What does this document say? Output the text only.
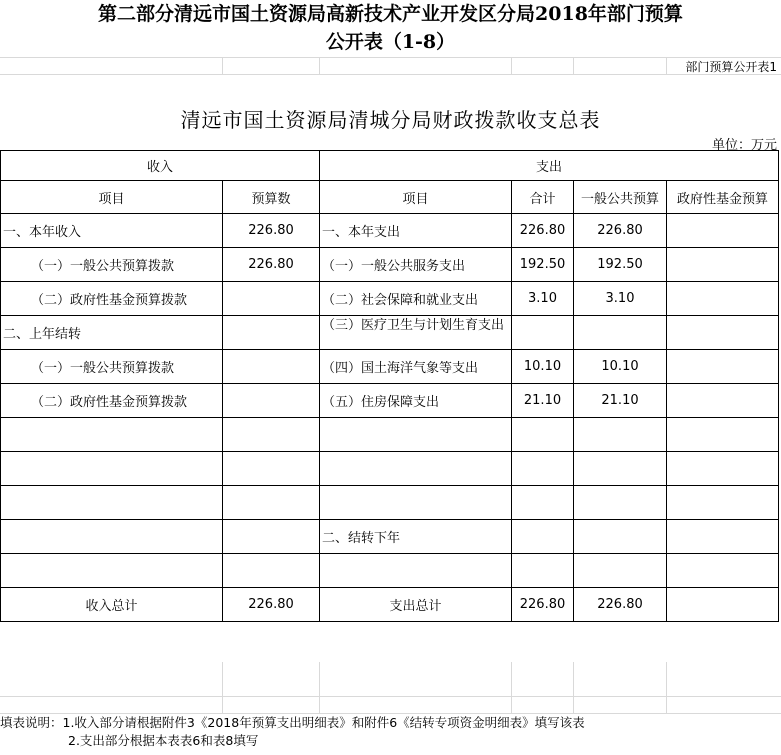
第二部分清远市国土资源局高新技术产业开发区分局2018年部门预算
公开表（1-8）
部门预算公开表1
清远市国土资源局清城分局财政拨款收支总表
单位：万元
收入		支出			
项目	预算数	项目	合计	一般公共预算	政府性基金预算
一、本年收入	226.80	一、本年支出	226.80	226.80	
（一）一般公共预算拨款	226.80	（一）一般公共服务支出	192.50	192.50	
（二）政府性基金预算拨款		（二）社会保障和就业支出	3.10	3.10	
二、上年结转		（三）医疗卫生与计划生育支出			
（一）一般公共预算拨款		（四）国土海洋气象等支出	10.10	10.10	
（二）政府性基金预算拨款		（五）住房保障支出	21.10	21.10	

		二、结转下年			

收入总计	226.80	支出总计	226.80	226.80	
填表说明：1.收入部分请根据附件3《2018年预算支出明细表》和附件6《结转专项资金明细表》填写该表
2.支出部分根据本表表6和表8填写
